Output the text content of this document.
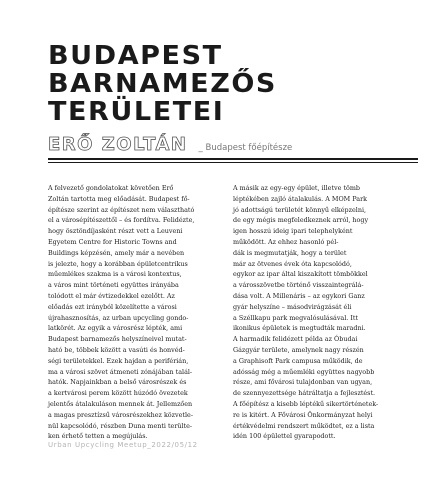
BUDAPEST
BARNAMEZŐS
TERÜLETEI
ERŐ ZOLTÁN _ Budapest főépítésze
A felvezető gondolatokat követően Erő
Zoltán tartotta meg előadását. Budapest fő-
építésze szerint az építészet nem választható
el a városépítészettől – és fordítva. Felidézte,
hogy ösztöndíjasként részt vett a Leuveni
Egyetem Centre for Historic Towns and
Buildings képzésén, amely már a nevében
is jelezte, hogy a korábban épületcentrikus
műemlékes szakma is a városi kontextus,
a város mint történeti együttes irányába
tolódott el már évtizedekkel ezelőtt. Az
előadás ezt irányból közelítette a városi
újrahasznosítás, az urban upcycling gondo-
latkörét. Az egyik a városrész lépték, ami
Budapest barnamezős helyszíneivel mutat-
ható be, többek között a vasúti és honvéd-
ségi területekkel. Ezek hajdan a periférián,
ma a városi szövet átmeneti zónájában talál-
hatók. Napjainkban a belső városrészek és
a kertvárosi perem között húzódó övezetek
jelentős átalakuláson mennek át. Jellemzően
a magas presztízsű városrészekhez közvetle-
nül kapcsolódó, részben Duna menti terülte-
ken érhető tetten a megújulás.
A másik az egy-egy épület, illetve tömb
léptékében zajló átalakulás. A MOM Park
jó adottságú területét könnyű elképzelni,
de egy mégis megfeledkeznek arról, hogy
igen hosszú ideig ipari telephelyként
működött. Az ehhez hasonló pél-
dák is megmutatják, hogy a terület
már az ötvenes évek óta kapcsolódó,
egykor az ipar által kiszakított tömbökkel
a városszövetbe történő visszaintegrálá-
dása volt. A Millenáris – az egykori Ganz
gyár helyszíne – másodvirágzását éli
a Széllkapu park megvalósulásával. Itt
ikonikus épületek is megtudták maradni.
A harmadik felidézett példa az Óbudai
Gázgyár területe, amelynek nagy részén
a Graphisoft Park campusa működik, de
adósság még a műemléki együttes nagyobb
része, ami fővárosi tulajdonban van ugyan,
de szennyezettsége hátráltatja a fejlesztést.
A főépítész a kisebb léptékű sikertörténetek-
re is kitért. A Fővárosi Önkormányzat helyi
értékvédelmi rendszert működtet, ez a lista
idén 100 épülettel gyarapodott.
Urban Upcycling Meetup_2022/05/12
